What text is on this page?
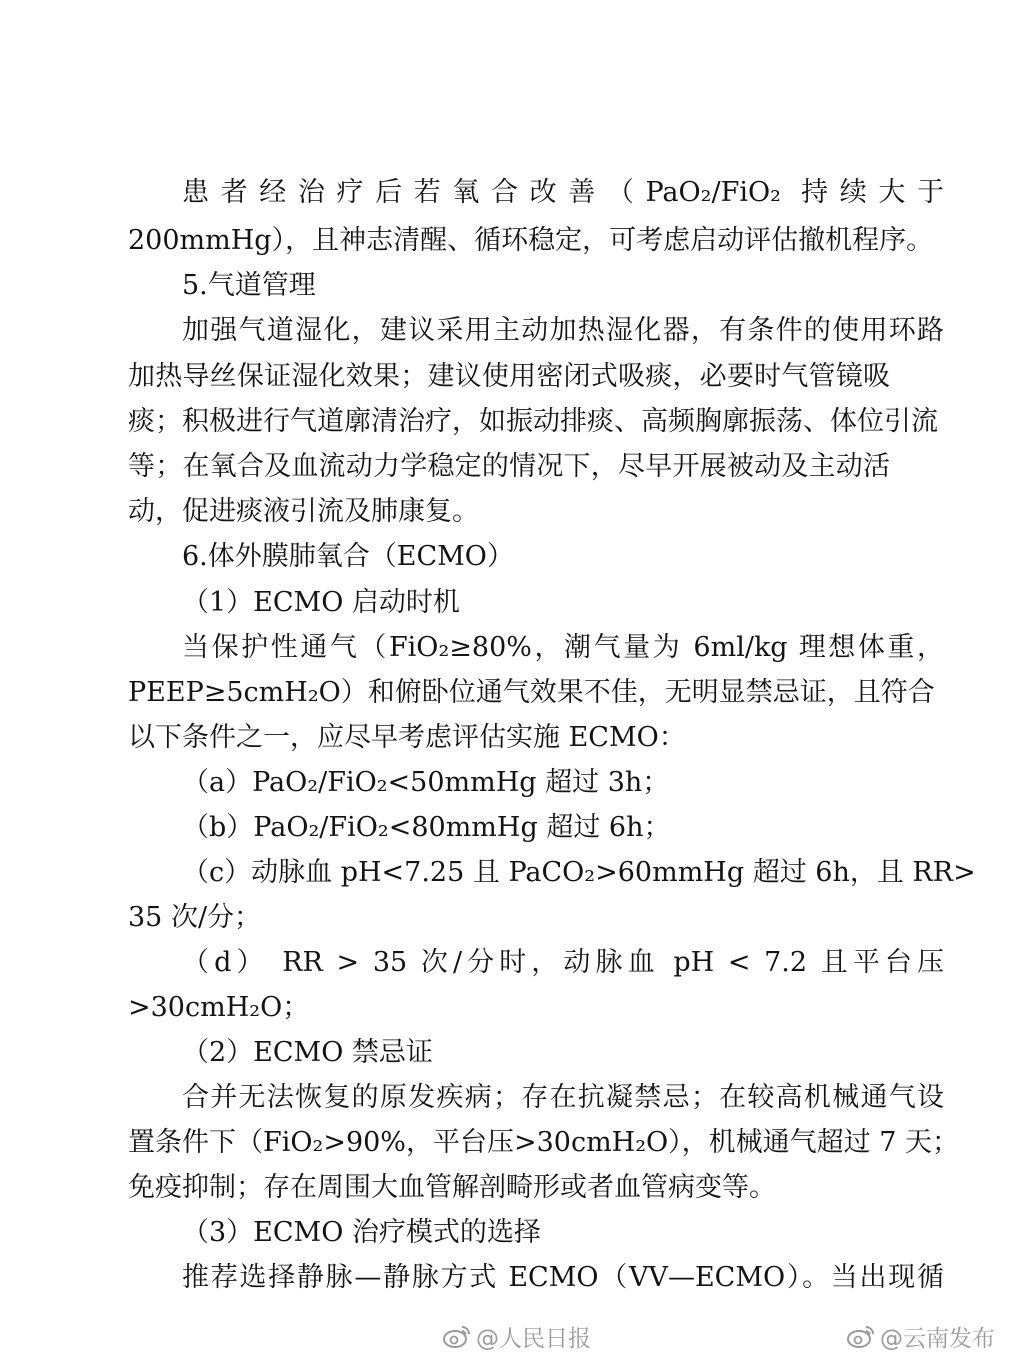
患者经治疗后若氧合改善（PaO₂/FiO₂ 持续大于

200mmHg），且神志清醒、循环稳定，可考虑启动评估撤机程序。

5.气道管理

加强气道湿化，建议采用主动加热湿化器，有条件的使用环路

加热导丝保证湿化效果；建议使用密闭式吸痰，必要时气管镜吸

痰；积极进行气道廓清治疗，如振动排痰、高频胸廓振荡、体位引流

等；在氧合及血流动力学稳定的情况下，尽早开展被动及主动活

动，促进痰液引流及肺康复。

6.体外膜肺氧合（ECMO）

（1）ECMO 启动时机

当保护性通气（FiO₂≥80%，潮气量为 6ml/kg 理想体重，

PEEP≥5cmH₂O）和俯卧位通气效果不佳，无明显禁忌证，且符合

以下条件之一，应尽早考虑评估实施 ECMO：

（a）PaO₂/FiO₂<50mmHg 超过 3h；

（b）PaO₂/FiO₂<80mmHg 超过 6h；

（c）动脉血 pH<7.25 且 PaCO₂>60mmHg 超过 6h，且 RR>

35 次/分；

（d） RR > 35 次/分时，动脉血 pH < 7.2 且平台压

>30cmH₂O；

（2）ECMO 禁忌证

合并无法恢复的原发疾病；存在抗凝禁忌；在较高机械通气设

置条件下（FiO₂>90%，平台压>30cmH₂O），机械通气超过 7 天；

免疫抑制；存在周围大血管解剖畸形或者血管病变等。

（3）ECMO 治疗模式的选择

推荐选择静脉—静脉方式 ECMO（VV—ECMO）。当出现循

@人民日报	@云南发布
